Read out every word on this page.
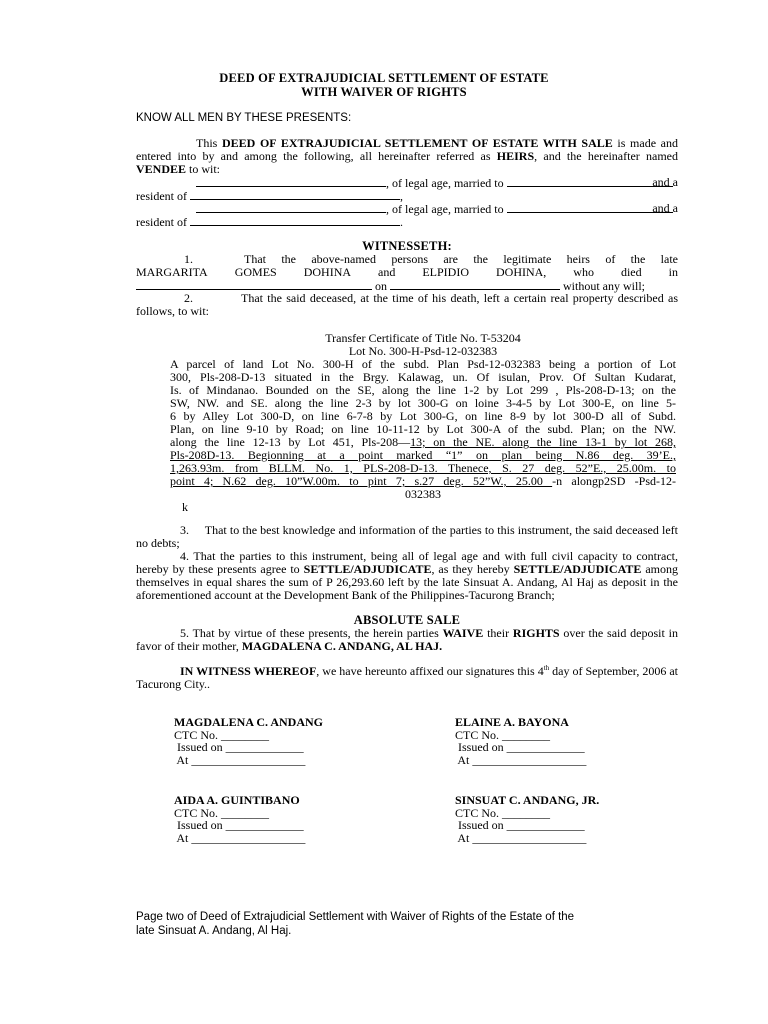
DEED OF EXTRAJUDICIAL SETTLEMENT OF ESTATE
WITH WAIVER OF RIGHTS
KNOW ALL MEN BY THESE PRESENTS:
This DEED OF EXTRAJUDICIAL SETTLEMENT OF ESTATE WITH SALE is made and entered into by and among the following, all hereinafter referred as HEIRS, and the hereinafter named VENDEE to wit:
, of legal age, married to	and a
resident of	,
, of legal age, married to	and a
resident of	.
WITNESSETH:
1.	That the above-named persons are the legitimate heirs of the late

MARGARITA GOMES DOHINA and ELPIDIO DOHINA, who died in
on	without any will;
2.	That the said deceased, at the time of his death, left a certain real property described as follows, to wit:
Transfer Certificate of Title No. T-53204
Lot No. 300-H-Psd-12-032383
A parcel of land Lot No. 300-H of the subd. Plan Psd-12-032383 being a portion of Lot
300, Pls-208-D-13 situated in the Brgy. Kalawag, un. Of isulan, Prov. Of Sultan Kudarat,
Is. of Mindanao. Bounded on the SE, along the line 1-2 by Lot 299 , Pls-208-D-13; on the
SW, NW. and SE. along the line 2-3 by lot 300-G on loine 3-4-5 by Lot 300-E, on line 5-
6 by Alley Lot 300-D, on line 6-7-8 by Lot 300-G, on line 8-9 by lot 300-D all of Subd.
Plan, on line 9-10 by Road; on line 10-11-12 by Lot 300-A of the subd. Plan; on the NW.
along the line 12-13 by Lot 451, Pls-208—13; on the NE. along the line 13-1 by lot 268,
Pls-208D-13. Begionning at a point marked “1” on plan being N.86 deg. 39’E.,
1,263.93m. from BLLM. No. 1, PLS-208-D-13. Thenece, S. 27 deg. 52”E., 25.00m. to
point 4; N.62 deg. 10”W.00m. to pint 7; s.27 deg. 52”W., 25.00 -n alongp2SD -Psd-12-
032383
k
3. That to the best knowledge and information of the parties to this instrument, the said deceased left no debts;
4. That the parties to this instrument, being all of legal age and with full civil capacity to contract, hereby by these presents agree to SETTLE/ADJUDICATE, as they hereby SETTLE/ADJUDICATE among themselves in equal shares the sum of P 26,293.60 left by the late Sinsuat A. Andang, Al Haj as deposit in the aforementioned account at the Development Bank of the Philippines-Tacurong Branch;
ABSOLUTE SALE
5. That by virtue of these presents, the herein parties WAIVE their RIGHTS over the said deposit in favor of their mother, MAGDALENA C. ANDANG, AL HAJ.
IN WITNESS WHEREOF, we have hereunto affixed our signatures this 4th day of September, 2006 at Tacurong City..
MAGDALENA C. ANDANG
CTC No. ________
Issued on _____________
At ___________________
ELAINE A. BAYONA
CTC No. ________
Issued on _____________
At ___________________
AIDA A. GUINTIBANO
CTC No. ________
Issued on _____________
At ___________________
SINSUAT C. ANDANG, JR.
CTC No. ________
Issued on _____________
At ___________________
Page two of Deed of Extrajudicial Settlement with Waiver of Rights of the Estate of the
late Sinsuat A. Andang, Al Haj.
